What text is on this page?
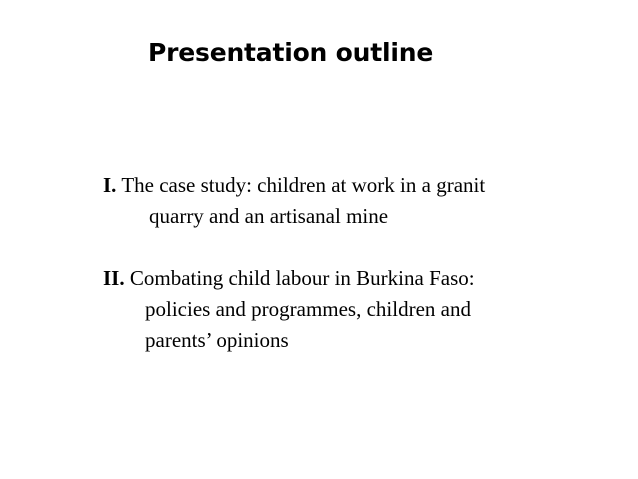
Presentation outline
I. The case study: children at work in a granit
quarry and an artisanal mine
II. Combating child labour in Burkina Faso:
policies and programmes, children and
parents’ opinions
